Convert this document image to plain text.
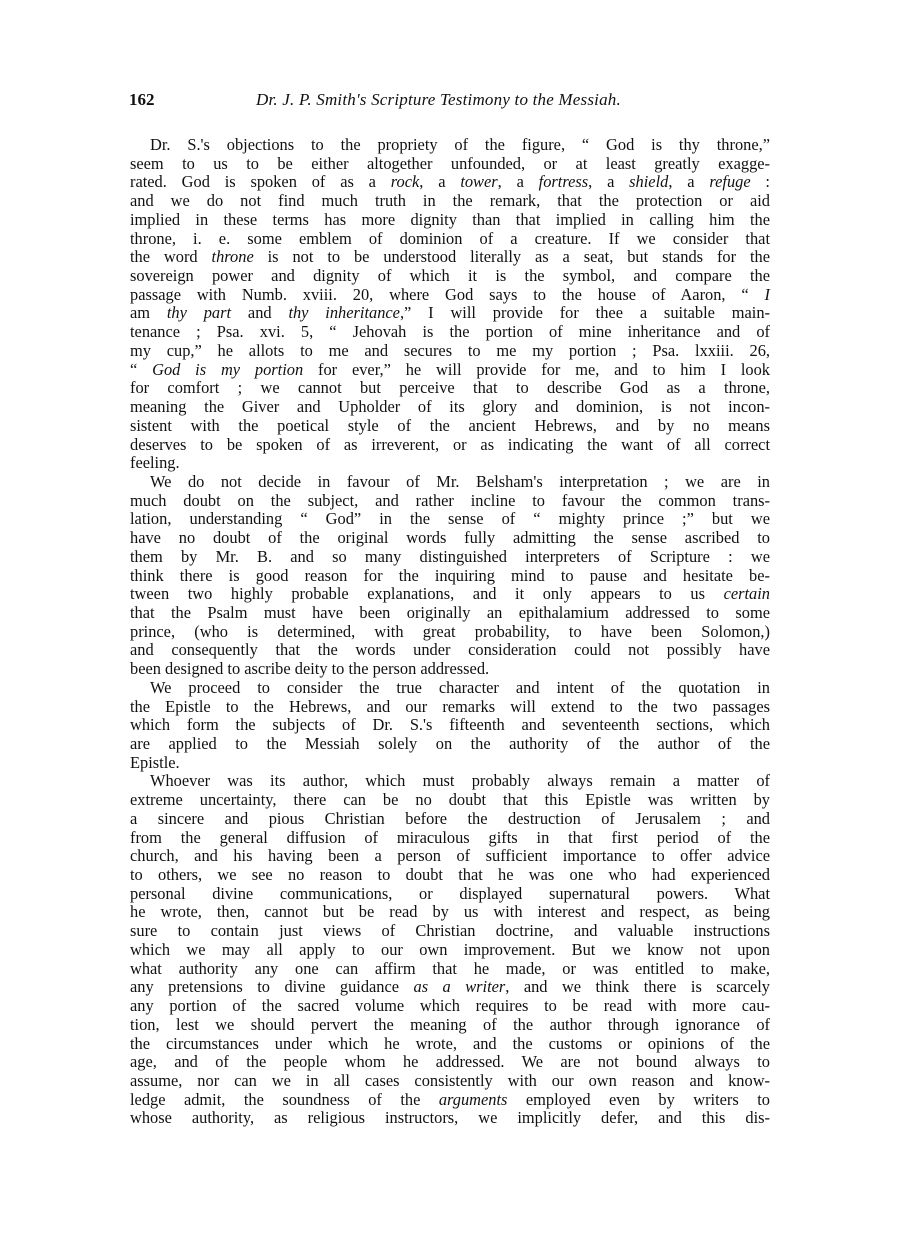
162	Dr. J. P. Smith's Scripture Testimony to the Messiah.
Dr. S.'s objections to the propriety of the figure, “ God is thy throne,”
seem to us to be either altogether unfounded, or at least greatly exagge-
rated. God is spoken of as a rock, a tower, a fortress, a shield, a refuge :
and we do not find much truth in the remark, that the protection or aid
implied in these terms has more dignity than that implied in calling him the
throne, i. e. some emblem of dominion of a creature. If we consider that
the word throne is not to be understood literally as a seat, but stands for the
sovereign power and dignity of which it is the symbol, and compare the
passage with Numb. xviii. 20, where God says to the house of Aaron, “ I
am thy part and thy inheritance,” I will provide for thee a suitable main-
tenance ; Psa. xvi. 5, “ Jehovah is the portion of mine inheritance and of
my cup,” he allots to me and secures to me my portion ; Psa. lxxiii. 26,
“ God is my portion for ever,” he will provide for me, and to him I look
for comfort ; we cannot but perceive that to describe God as a throne,
meaning the Giver and Upholder of its glory and dominion, is not incon-
sistent with the poetical style of the ancient Hebrews, and by no means
deserves to be spoken of as irreverent, or as indicating the want of all correct
feeling.
We do not decide in favour of Mr. Belsham's interpretation ; we are in
much doubt on the subject, and rather incline to favour the common trans-
lation, understanding “ God” in the sense of “ mighty prince ;” but we
have no doubt of the original words fully admitting the sense ascribed to
them by Mr. B. and so many distinguished interpreters of Scripture : we
think there is good reason for the inquiring mind to pause and hesitate be-
tween two highly probable explanations, and it only appears to us certain
that the Psalm must have been originally an epithalamium addressed to some
prince, (who is determined, with great probability, to have been Solomon,)
and consequently that the words under consideration could not possibly have
been designed to ascribe deity to the person addressed.
We proceed to consider the true character and intent of the quotation in
the Epistle to the Hebrews, and our remarks will extend to the two passages
which form the subjects of Dr. S.'s fifteenth and seventeenth sections, which
are applied to the Messiah solely on the authority of the author of the
Epistle.
Whoever was its author, which must probably always remain a matter of
extreme uncertainty, there can be no doubt that this Epistle was written by
a sincere and pious Christian before the destruction of Jerusalem ; and
from the general diffusion of miraculous gifts in that first period of the
church, and his having been a person of sufficient importance to offer advice
to others, we see no reason to doubt that he was one who had experienced
personal divine communications, or displayed supernatural powers. What
he wrote, then, cannot but be read by us with interest and respect, as being
sure to contain just views of Christian doctrine, and valuable instructions
which we may all apply to our own improvement. But we know not upon
what authority any one can affirm that he made, or was entitled to make,
any pretensions to divine guidance as a writer, and we think there is scarcely
any portion of the sacred volume which requires to be read with more cau-
tion, lest we should pervert the meaning of the author through ignorance of
the circumstances under which he wrote, and the customs or opinions of the
age, and of the people whom he addressed. We are not bound always to
assume, nor can we in all cases consistently with our own reason and know-
ledge admit, the soundness of the arguments employed even by writers to
whose authority, as religious instructors, we implicitly defer, and this dis-
